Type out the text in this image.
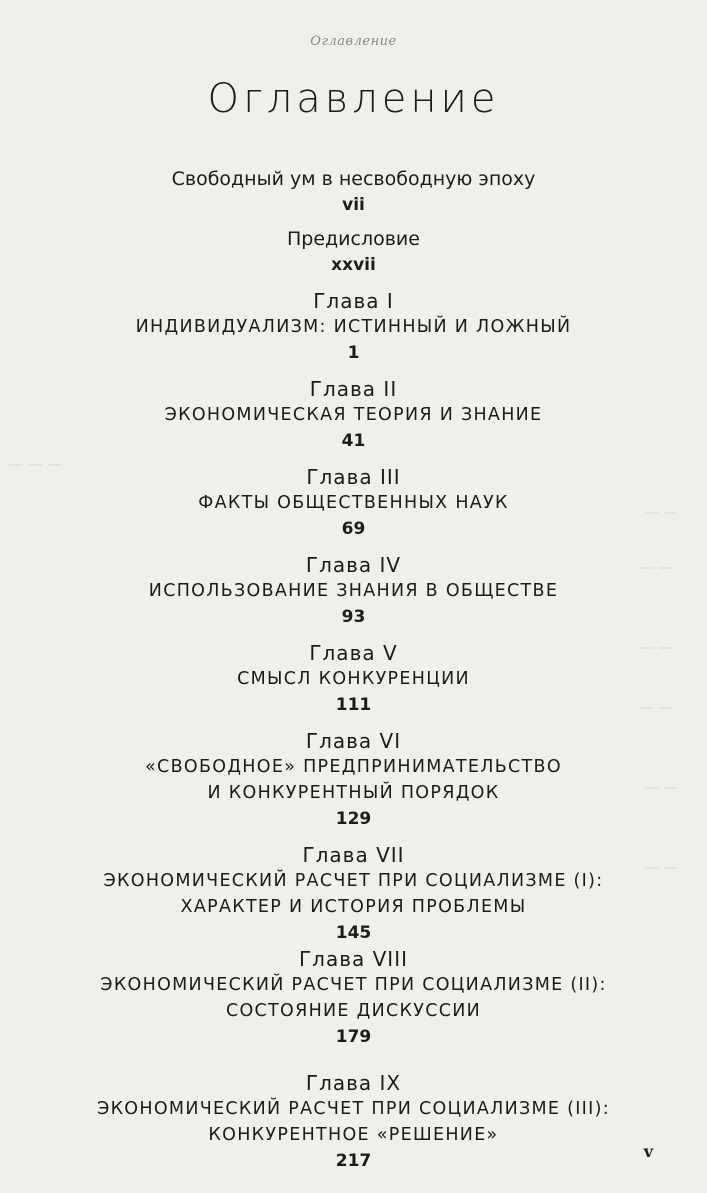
Оглавление
— — —
— —
— —
— —
— —
— —
— —
Оглавление
Свободный ум в несвободную эпоху
vii
Предисловие
xxvii
Глава I
ИНДИВИДУАЛИЗМ: ИСТИННЫЙ И ЛОЖНЫЙ
1
Глава II
ЭКОНОМИЧЕСКАЯ ТЕОРИЯ И ЗНАНИЕ
41
Глава III
ФАКТЫ ОБЩЕСТВЕННЫХ НАУК
69
Глава IV
ИСПОЛЬЗОВАНИЕ ЗНАНИЯ В ОБЩЕСТВЕ
93
Глава V
СМЫСЛ КОНКУРЕНЦИИ
111
Глава VI
«СВОБОДНОЕ» ПРЕДПРИНИМАТЕЛЬСТВО
И КОНКУРЕНТНЫЙ ПОРЯДОК
129
Глава VII
ЭКОНОМИЧЕСКИЙ РАСЧЕТ ПРИ СОЦИАЛИЗМЕ (I):
ХАРАКТЕР И ИСТОРИЯ ПРОБЛЕМЫ
145
Глава VIII
ЭКОНОМИЧЕСКИЙ РАСЧЕТ ПРИ СОЦИАЛИЗМЕ (II):
СОСТОЯНИЕ ДИСКУССИИ
179
Глава IX
ЭКОНОМИЧЕСКИЙ РАСЧЕТ ПРИ СОЦИАЛИЗМЕ (III):
КОНКУРЕНТНОЕ «РЕШЕНИЕ»
217	v
